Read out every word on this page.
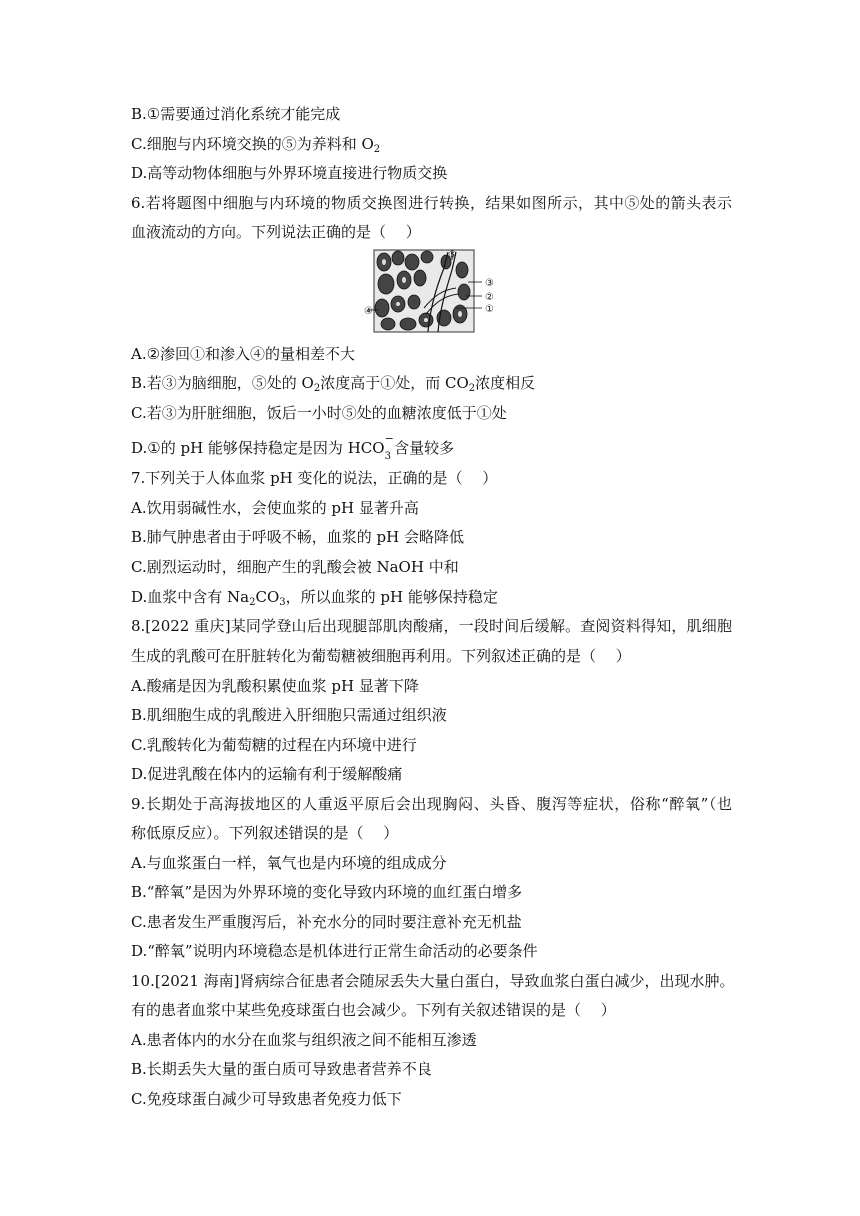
B.①需要通过消化系统才能完成
C.细胞与内环境交换的⑤为养料和 $O_2$
D.高等动物体细胞与外界环境直接进行物质交换
6.若将题图中细胞与内环境的物质交换图进行转换，结果如图所示，其中⑤处的箭头表示
血液流动的方向。下列说法正确的是（　 ）
⑤
③
②
①
④
A.②渗回①和渗入④的量相差不大
B.若③为脑细胞，⑤处的 $O_2$浓度高于①处，而 $CO_2$浓度相反
C.若③为肝脏细胞，饭后一小时⑤处的血糖浓度低于①处
D.①的 pH 能够保持稳定是因为 HCO
−
3 含量较多
7.下列关于人体血浆 pH 变化的说法，正确的是（　 ）
A.饮用弱碱性水，会使血浆的 pH 显著升高
B.肺气肿患者由于呼吸不畅，血浆的 pH 会略降低
C.剧烈运动时，细胞产生的乳酸会被 NaOH 中和
D.血浆中含有 $Na_2CO_3$，所以血浆的 pH 能够保持稳定
8.[2022 重庆]某同学登山后出现腿部肌肉酸痛，一段时间后缓解。查阅资料得知，肌细胞
生成的乳酸可在肝脏转化为葡萄糖被细胞再利用。下列叙述正确的是（　 ）
A.酸痛是因为乳酸积累使血浆 pH 显著下降
B.肌细胞生成的乳酸进入肝细胞只需通过组织液
C.乳酸转化为葡萄糖的过程在内环境中进行
D.促进乳酸在体内的运输有利于缓解酸痛
9.长期处于高海拔地区的人重返平原后会出现胸闷、头昏、腹泻等症状，俗称“醉氧”（也
称低原反应）。下列叙述错误的是（　 ）
A.与血浆蛋白一样，氧气也是内环境的组成成分
B.“醉氧”是因为外界环境的变化导致内环境的血红蛋白增多
C.患者发生严重腹泻后，补充水分的同时要注意补充无机盐
D.“醉氧”说明内环境稳态是机体进行正常生命活动的必要条件
10.[2021 海南]肾病综合征患者会随尿丢失大量白蛋白，导致血浆白蛋白减少，出现水肿。
有的患者血浆中某些免疫球蛋白也会减少。下列有关叙述错误的是（　 ）
A.患者体内的水分在血浆与组织液之间不能相互渗透
B.长期丢失大量的蛋白质可导致患者营养不良
C.免疫球蛋白减少可导致患者免疫力低下
